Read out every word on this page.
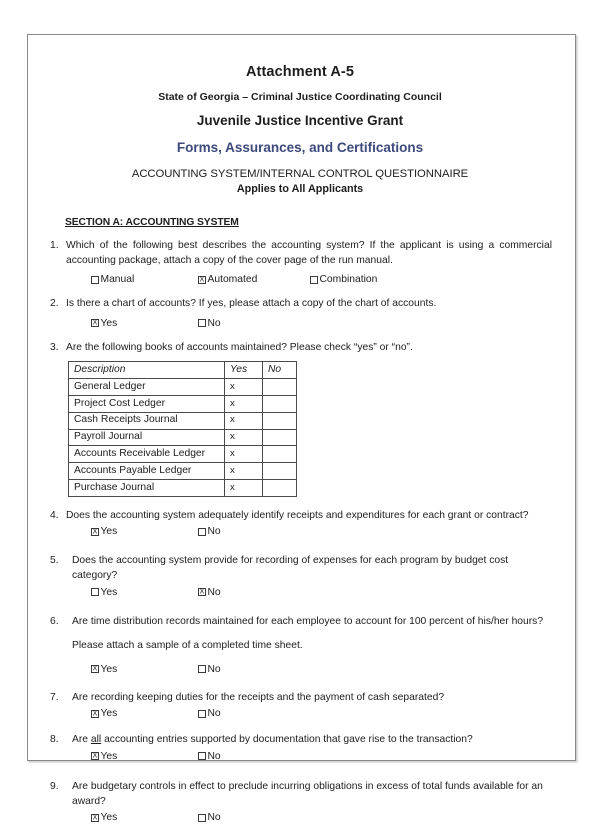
Attachment A-5
State of Georgia – Criminal Justice Coordinating Council
Juvenile Justice Incentive Grant
Forms, Assurances, and Certifications
ACCOUNTING SYSTEM/INTERNAL CONTROL QUESTIONNAIRE
Applies to All Applicants
SECTION A: ACCOUNTING SYSTEM
1. Which of the following best describes the accounting system? If the applicant is using a commercial accounting package, attach a copy of the cover page of the run manual.
Manual X	Automated	Combination
2. Is there a chart of accounts? If yes, please attach a copy of the chart of accounts.
X
Yes	No
3. Are the following books of accounts maintained? Please check “yes” or “no”.
Description	Yes	No
General Ledger	x	
Project Cost Ledger	x	
Cash Receipts Journal	x	
Payroll Journal	x	
Accounts Receivable Ledger	x	
Accounts Payable Ledger	x	
Purchase Journal	x	
4. Does the accounting system adequately identify receipts and expenditures for each grant or contract?
X
Yes	No
5.	Does the accounting system provide for recording of expenses for each program by budget cost category?
Yes X	No
6.	Are time distribution records maintained for each employee to account for 100 percent of his/her hours?
Please attach a sample of a completed time sheet.
X
Yes	No
7.	Are recording keeping duties for the receipts and the payment of cash separated?
X
Yes	No
8.	Are all accounting entries supported by documentation that gave rise to the transaction?
X
Yes	No
9.	Are budgetary controls in effect to preclude incurring obligations in excess of total funds available for an award?
X
Yes	No
